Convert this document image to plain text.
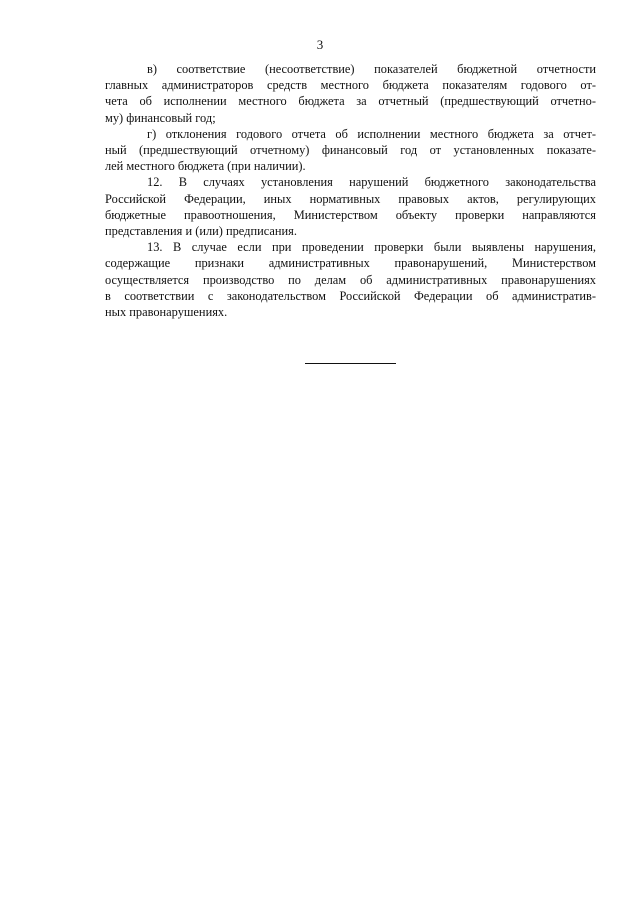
3

в) соответствие (несоответствие) показателей бюджетной отчетности
главных администраторов средств местного бюджета показателям годового от-
чета об исполнении местного бюджета за отчетный (предшествующий отчетно-
му) финансовый год;

г) отклонения годового отчета об исполнении местного бюджета за отчет-
ный (предшествующий отчетному) финансовый год от установленных показате-
лей местного бюджета (при наличии).

12. В случаях установления нарушений бюджетного законодательства
Российской Федерации, иных нормативных правовых актов, регулирующих
бюджетные правоотношения, Министерством объекту проверки направляются
представления и (или) предписания.

13. В случае если при проведении проверки были выявлены нарушения,
содержащие признаки административных правонарушений, Министерством
осуществляется производство по делам об административных правонарушениях
в соответствии с законодательством Российской Федерации об административ-
ных правонарушениях.
